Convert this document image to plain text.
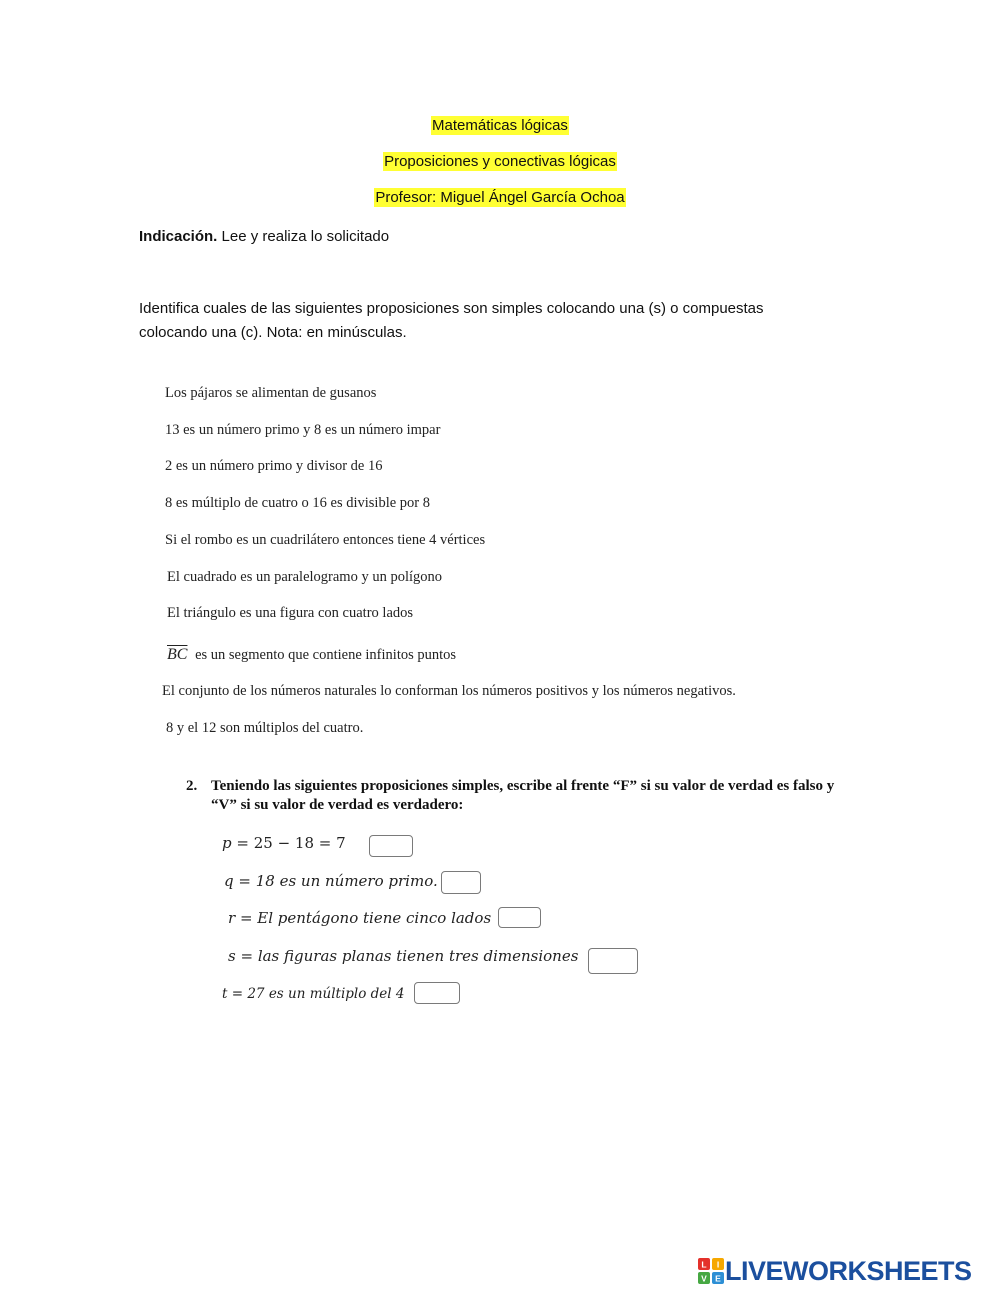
Matemáticas lógicas
Proposiciones y conectivas lógicas
Profesor: Miguel Ángel García Ochoa
Indicación. Lee y realiza lo solicitado
Identifica cuales de las siguientes proposiciones son simples colocando una (s) o compuestas
colocando una (c). Nota: en minúsculas.
Los pájaros se alimentan de gusanos
13 es un número primo y 8 es un número impar
2 es un número primo y divisor de 16
8 es múltiplo de cuatro o 16 es divisible por 8
Si el rombo es un cuadrilátero entonces tiene 4 vértices
El cuadrado es un paralelogramo y un polígono
El triángulo es una figura con cuatro lados
$\overline{BC}$ es un segmento que contiene infinitos puntos
El conjunto de los números naturales lo conforman los números positivos y los números negativos.
8 y el 12 son múltiplos del cuatro.
2. Teniendo las siguientes proposiciones simples, escribe al frente “F” si su valor de verdad es falso y
“V” si su valor de verdad es verdadero:
p = 25 − 18 = 7
q = 18 es un número primo.
r = El pentágono tiene cinco lados
s = las figuras planas tienen tres dimensiones
t = 27 es un múltiplo del 4
L I
V E LIVEWORKSHEETS
